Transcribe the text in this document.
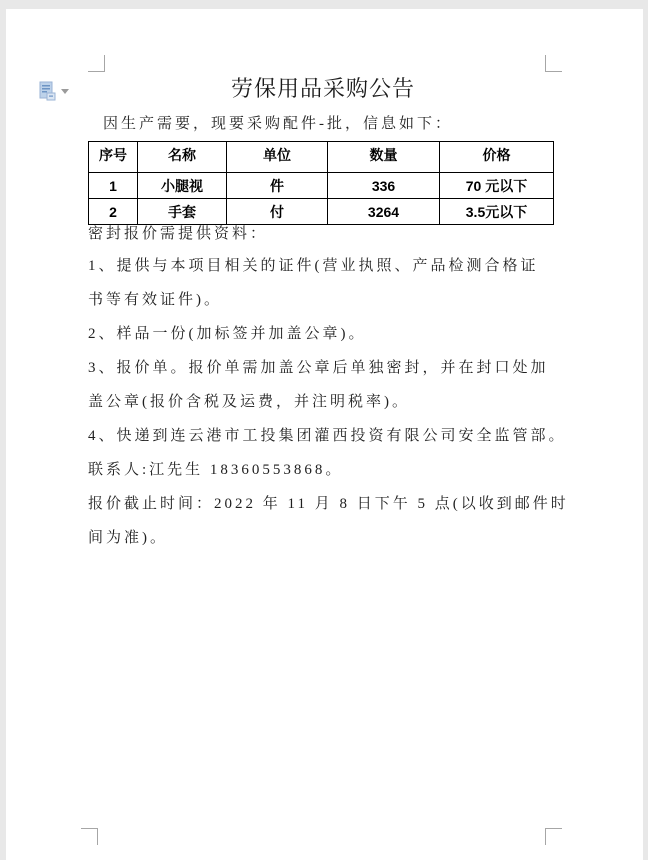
劳保用品采购公告
因生产需要，现要采购配件-批，信息如下：
序号	名称	单位	数量	价格
1	小腿视	件	336	70 元以下
2	手套	付	3264	3.5元以下
密封报价需提供资料：
1、提供与本项目相关的证件(营业执照、产品检测合格证
书等有效证件)。
2、样品一份(加标签并加盖公章)。
3、报价单。报价单需加盖公章后单独密封，并在封口处加
盖公章(报价含税及运费，并注明税率)。
4、快递到连云港市工投集团灌西投资有限公司安全监管部。
联系人:江先生 18360553868。
报价截止时间：2022 年 11 月 8 日下午 5 点(以收到邮件时
间为准)。
